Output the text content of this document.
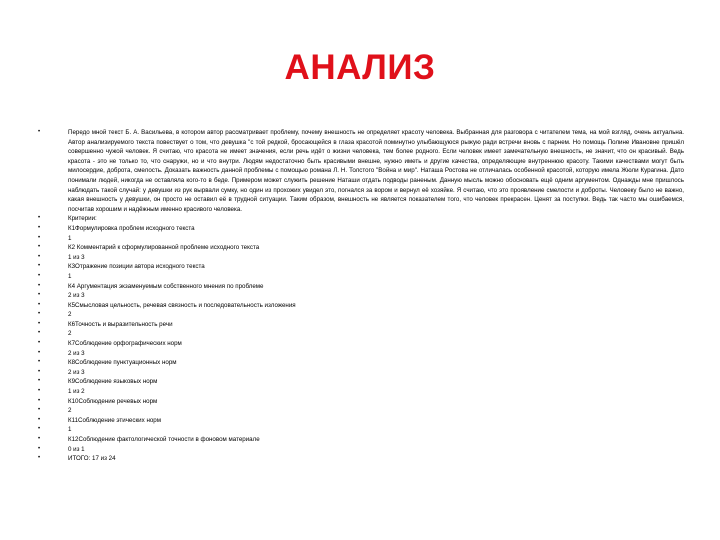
АНАЛИЗ
•	Передо мной текст Б. А. Васильева, в котором автор рассматривает проблему, почему внешность не определяет красоту человека. Выбранная для разговора с читателем тема, на мой взгляд, очень актуальна. Автор анализируемого текста повествует о том, что девушка "с той редкой, бросающейся в глаза красотой поминутно улыбающуюся рыжую ради встречи вновь с парнем. Но помощь Полине Ивановне пришёл совершенно чужой человек. Я считаю, что красота не имеет значения, если речь идёт о жизни человека, тем более родного. Если человек имеет замечательную внешность, не значит, что он красивый. Ведь красота - это не только то, что снаружи, но и что внутри. Людям недостаточно быть красивыми внешне, нужно иметь и другие качества, определяющие внутреннюю красоту. Такими качествами могут быть милосердие, доброта, смелость. Доказать важность данной проблемы с помощью романа Л. Н. Толстого "Война и мир". Наташа Ростова не отличалась особенной красотой, которую имела Жюли Курагина. Дато понимали людей, никогда не оставляла кого-то в беде. Примером может служить решение Наташи отдать подводы раненым. Данную мысль можно обосновать ещё одним аргументом. Однажды мне пришлось наблюдать такой случай: у девушки из рук вырвали сумку, но один из прохожих увидел это, погнался за вором и вернул её хозяйке. Я считаю, что это проявление смелости и доброты. Человеку было не важно, какая внешность у девушки, он просто не оставил её в трудной ситуации. Таким образом, внешность не является показателем того, что человек прекрасен. Ценят за поступки. Ведь так часто мы ошибаемся, посчитав хорошим и надёжным именно красивого человека.
•	Критерии:
•	К1Формулировка проблем исходного текста
•	1
•	К2 Комментарий к сформулированной проблеме исходного текста
•	1 из 3
•	К3Отражение позиции автора исходного текста
•	1
•	К4 Аргументация экзаменуемым собственного мнения по проблеме
•	2 из 3
•	К5Смысловая цельность, речевая связность и последовательность изложения
•	2
•	К6Точность и выразительность речи
•	2
•	К7Соблюдение орфографических норм
•	2 из 3
•	К8Соблюдение пунктуационных норм
•	2 из 3
•	К9Соблюдение языковых норм
•	1 из 2
•	К10Соблюдение речевых норм
•	2
•	К11Соблюдение этических норм
•	1
•	К12Соблюдение фактологической точности в фоновом материале
•	0 из 1
•	ИТОГО: 17 из 24
